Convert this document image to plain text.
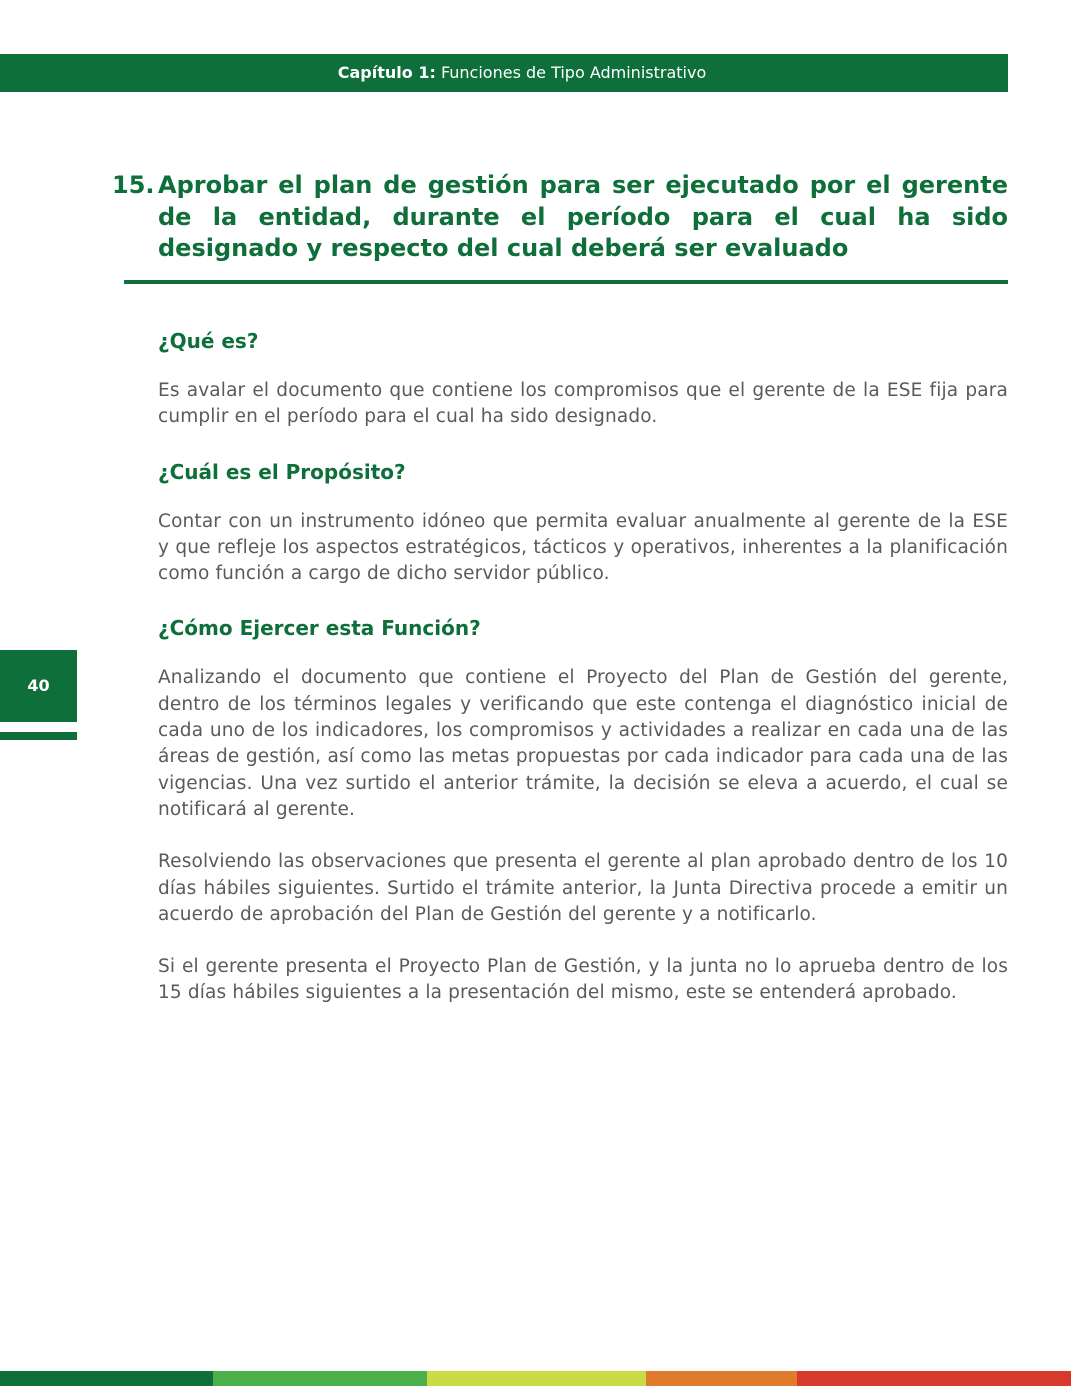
Capítulo 1: Funciones de Tipo Administrativo
15. Aprobar el plan de gestión para ser ejecutado por el gerente de la entidad, durante el período para el cual ha sido designado y respecto del cual deberá ser evaluado
¿Qué es?

Es avalar el documento que contiene los compromisos que el gerente de la ESE fija para cumplir en el período para el cual ha sido designado.

¿Cuál es el Propósito?

Contar con un instrumento idóneo que permita evaluar anualmente al gerente de la ESE y que refleje los aspectos estratégicos, tácticos y operativos, inherentes a la planificación como función a cargo de dicho servidor público.

¿Cómo Ejercer esta Función?

Analizando el documento que contiene el Proyecto del Plan de Gestión del gerente, dentro de los términos legales y verificando que este contenga el diagnóstico inicial de cada uno de los indicadores, los compromisos y actividades a realizar en cada una de las áreas de gestión, así como las metas propuestas por cada indicador para cada una de las vigencias. Una vez surtido el anterior trámite, la decisión se eleva a acuerdo, el cual se notificará al gerente.

Resolviendo las observaciones que presenta el gerente al plan aprobado dentro de los 10 días hábiles siguientes. Surtido el trámite anterior, la Junta Directiva procede a emitir un acuerdo de aprobación del Plan de Gestión del gerente y a notificarlo.

Si el gerente presenta el Proyecto Plan de Gestión, y la junta no lo aprueba dentro de los 15 días hábiles siguientes a la presentación del mismo, este se entenderá aprobado.

40
